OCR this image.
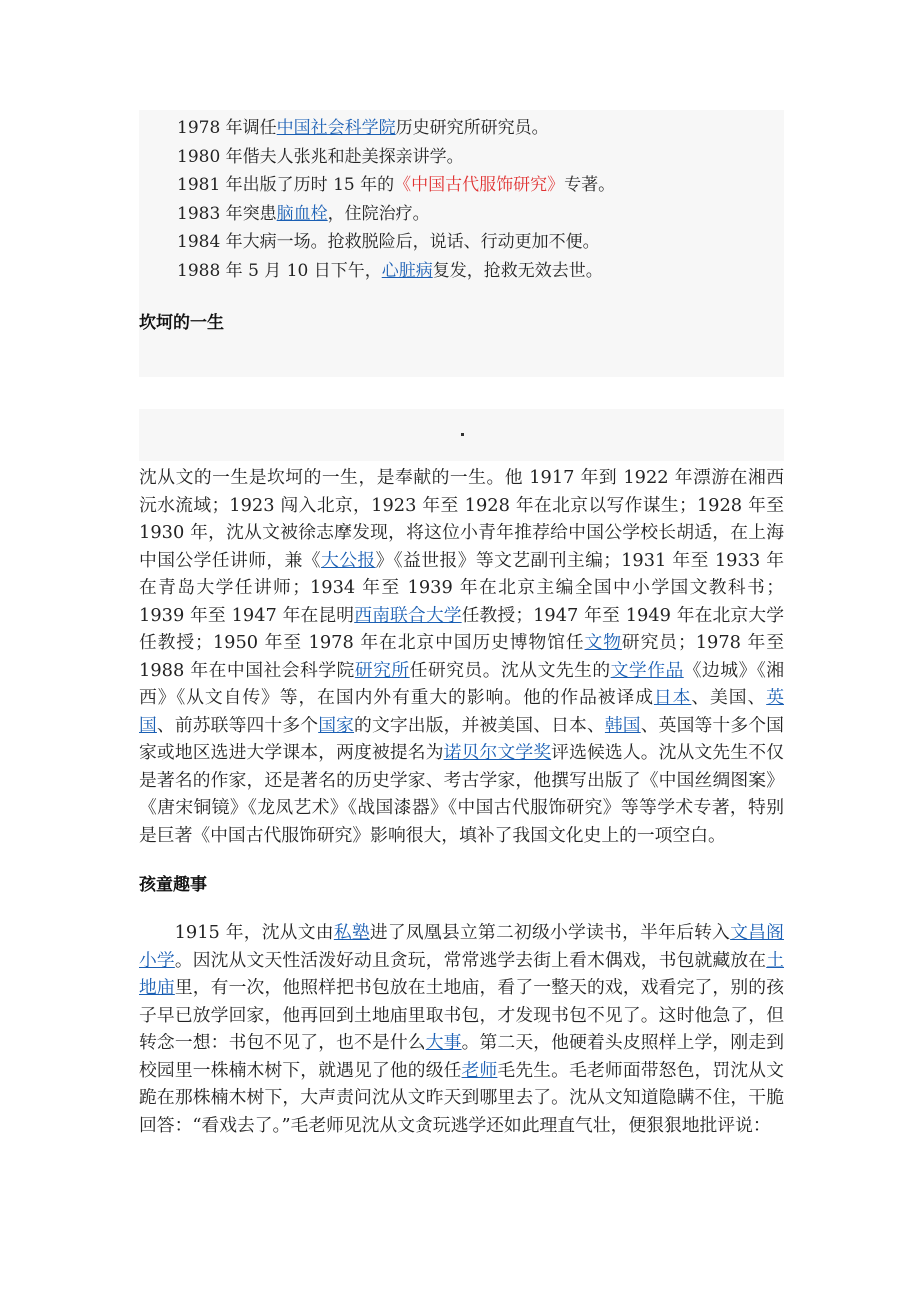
1978 年调任中国社会科学院历史研究所研究员。
1980 年偕夫人张兆和赴美探亲讲学。
1981 年出版了历时 15 年的《中国古代服饰研究》专著。
1983 年突患脑血栓，住院治疗。
1984 年大病一场。抢救脱险后，说话、行动更加不便。
1988 年 5 月 10 日下午，心脏病复发，抢救无效去世。
坎坷的一生

沈从文的一生是坎坷的一生，是奉献的一生。他 1917 年到 1922 年漂游在湘西沅水流域；1923 闯入北京，1923 年至 1928 年在北京以写作谋生；1928 年至 1930 年，沈从文被徐志摩发现，将这位小青年推荐给中国公学校长胡适，在上海中国公学任讲师，兼《大公报》《益世报》等文艺副刊主编；1931 年至 1933 年在青岛大学任讲师；1934 年至 1939 年在北京主编全国中小学国文教科书；1939 年至 1947 年在昆明西南联合大学任教授；1947 年至 1949 年在北京大学任教授；1950 年至 1978 年在北京中国历史博物馆任文物研究员；1978 年至 1988 年在中国社会科学院研究所任研究员。沈从文先生的文学作品《边城》《湘西》《从文自传》等，在国内外有重大的影响。他的作品被译成日本、美国、英国、前苏联等四十多个国家的文字出版，并被美国、日本、韩国、英国等十多个国家或地区选进大学课本，两度被提名为诺贝尔文学奖评选候选人。沈从文先生不仅是著名的作家，还是著名的历史学家、考古学家，他撰写出版了《中国丝绸图案》《唐宋铜镜》《龙凤艺术》《战国漆器》《中国古代服饰研究》等等学术专著，特别是巨著《中国古代服饰研究》影响很大，填补了我国文化史上的一项空白。

孩童趣事

1915 年，沈从文由私塾进了凤凰县立第二初级小学读书，半年后转入文昌阁小学。因沈从文天性活泼好动且贪玩，常常逃学去街上看木偶戏，书包就藏放在土地庙里，有一次，他照样把书包放在土地庙，看了一整天的戏，戏看完了，别的孩子早已放学回家，他再回到土地庙里取书包，才发现书包不见了。这时他急了，但转念一想：书包不见了，也不是什么大事。第二天，他硬着头皮照样上学，刚走到校园里一株楠木树下，就遇见了他的级任老师毛先生。毛老师面带怒色，罚沈从文跪在那株楠木树下，大声责问沈从文昨天到哪里去了。沈从文知道隐瞒不住，干脆回答：“看戏去了。”毛老师见沈从文贪玩逃学还如此理直气壮，便狠狠地批评说：
